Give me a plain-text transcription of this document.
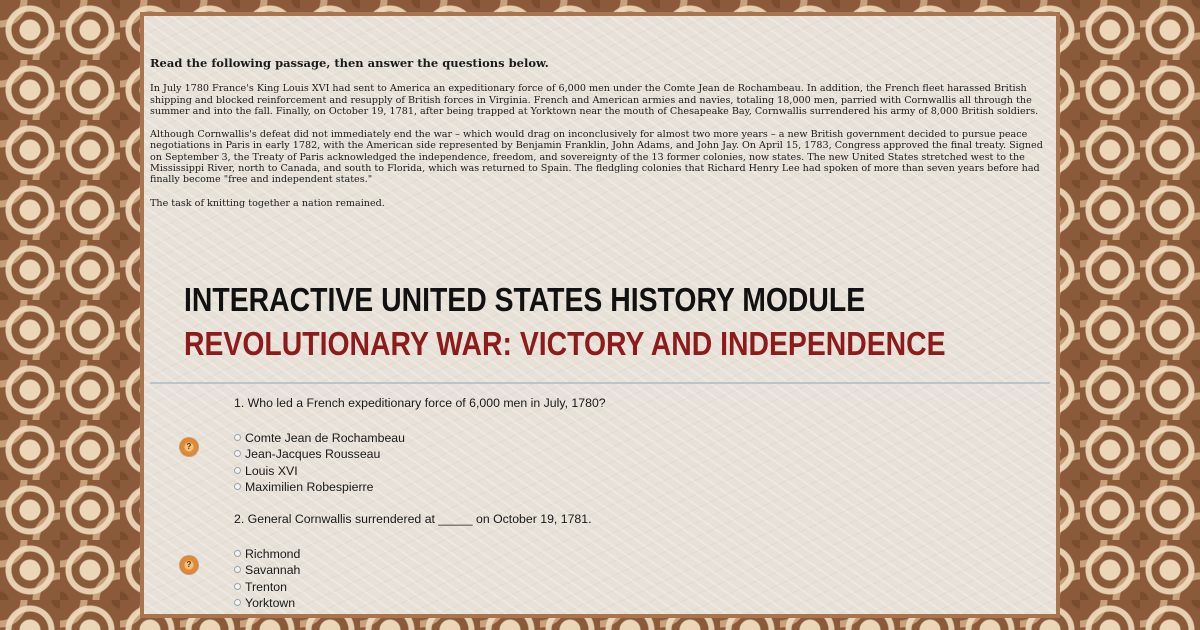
Read the following passage, then answer the questions below.

In July 1780 France's King Louis XVI had sent to America an expeditionary force of 6,000 men under the Comte Jean de Rochambeau. In addition, the French fleet harassed British shipping and blocked reinforcement and resupply of British forces in Virginia. French and American armies and navies, totaling 18,000 men, parried with Cornwallis all through the summer and into the fall. Finally, on October 19, 1781, after being trapped at Yorktown near the mouth of Chesapeake Bay, Cornwallis surrendered his army of 8,000 British soldiers.

Although Cornwallis's defeat did not immediately end the war – which would drag on inconclusively for almost two more years – a new British government decided to pursue peace negotiations in Paris in early 1782, with the American side represented by Benjamin Franklin, John Adams, and John Jay. On April 15, 1783, Congress approved the final treaty. Signed on September 3, the Treaty of Paris acknowledged the independence, freedom, and sovereignty of the 13 former colonies, now states. The new United States stretched west to the Mississippi River, north to Canada, and south to Florida, which was returned to Spain. The fledgling colonies that Richard Henry Lee had spoken of more than seven years before had finally become "free and independent states."

The task of knitting together a nation remained.

INTERACTIVE UNITED STATES HISTORY MODULE
REVOLUTIONARY WAR: VICTORY AND INDEPENDENCE
?
1. Who led a French expeditionary force of 6,000 men in July, 1780?
Comte Jean de Rochambeau
Jean-Jacques Rousseau
Louis XVI
Maximilien Robespierre
?
2. General Cornwallis surrendered at _____ on October 19, 1781.
Richmond
Savannah
Trenton
Yorktown
